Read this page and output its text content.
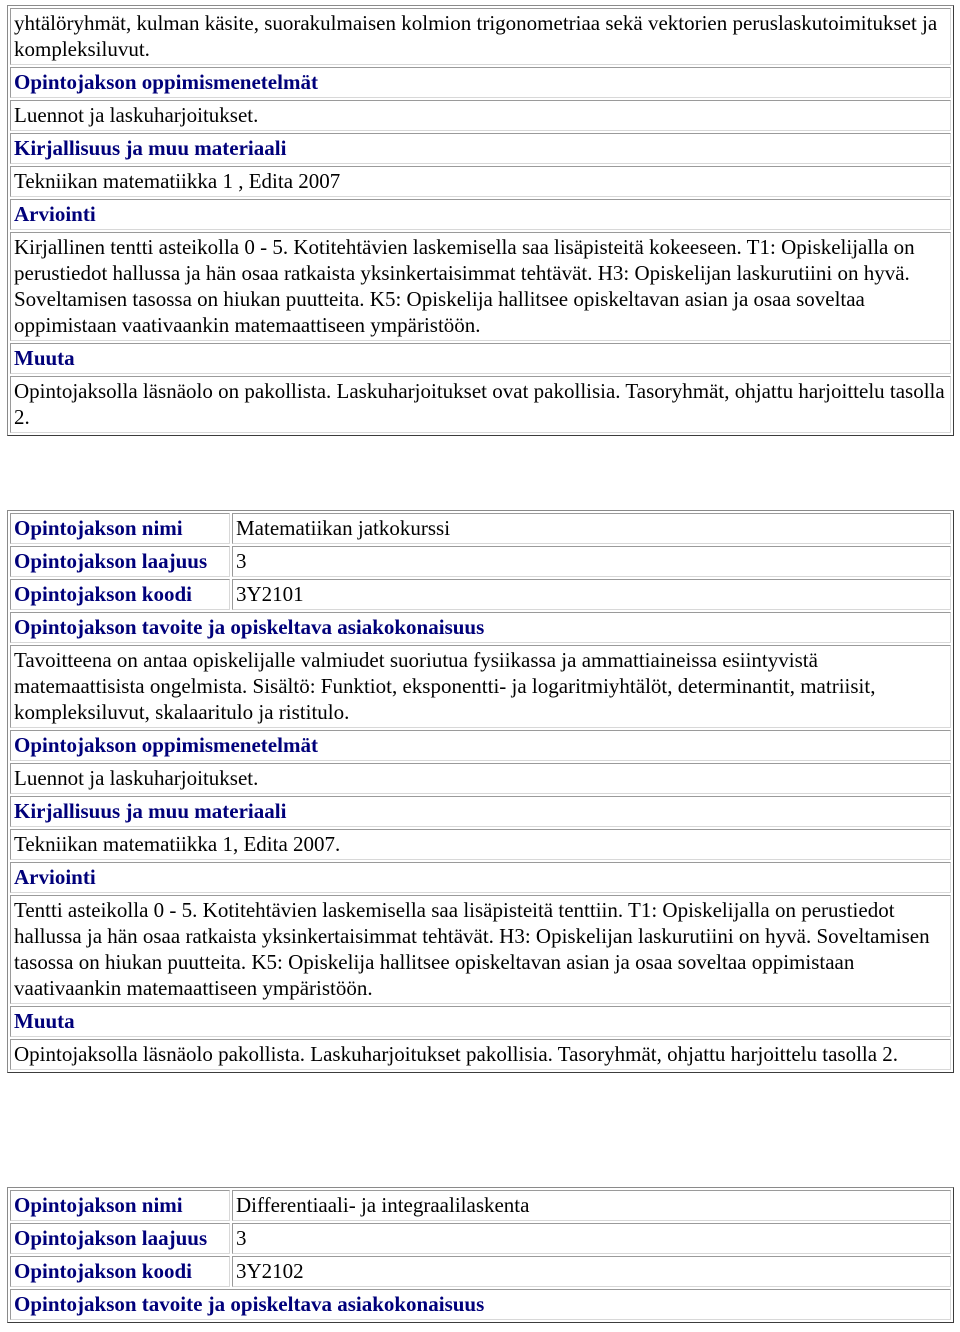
yhtälöryhmät, kulman käsite, suorakulmaisen kolmion trigonometriaa sekä vektorien peruslaskutoimitukset ja kompleksiluvut.
Opintojakson oppimismenetelmät
Luennot ja laskuharjoitukset.
Kirjallisuus ja muu materiaali
Tekniikan matematiikka 1 , Edita 2007
Arviointi
Kirjallinen tentti asteikolla 0 - 5. Kotitehtävien laskemisella saa lisäpisteitä kokeeseen. T1: Opiskelijalla on perustiedot hallussa ja hän osaa ratkaista yksinkertaisimmat tehtävät. H3: Opiskelijan laskurutiini on hyvä. Soveltamisen tasossa on hiukan puutteita. K5: Opiskelija hallitsee opiskeltavan asian ja osaa soveltaa oppimistaan vaativaankin matemaattiseen ympäristöön.
Muuta
Opintojaksolla läsnäolo on pakollista. Laskuharjoitukset ovat pakollisia. Tasoryhmät, ohjattu harjoittelu tasolla 2.
Opintojakson nimi	Matematiikan jatkokurssi
Opintojakson laajuus	3
Opintojakson koodi	3Y2101
Opintojakson tavoite ja opiskeltava asiakokonaisuus	
Tavoitteena on antaa opiskelijalle valmiudet suoriutua fysiikassa ja ammattiaineissa esiintyvistä matemaattisista ongelmista. Sisältö: Funktiot, eksponentti- ja logaritmiyhtälöt, determinantit, matriisit, kompleksiluvut, skalaaritulo ja ristitulo.	
Opintojakson oppimismenetelmät	
Luennot ja laskuharjoitukset.	
Kirjallisuus ja muu materiaali	
Tekniikan matematiikka 1, Edita 2007.	
Arviointi	
Tentti asteikolla 0 - 5. Kotitehtävien laskemisella saa lisäpisteitä tenttiin. T1: Opiskelijalla on perustiedot hallussa ja hän osaa ratkaista yksinkertaisimmat tehtävät. H3: Opiskelijan laskurutiini on hyvä. Soveltamisen tasossa on hiukan puutteita. K5: Opiskelija hallitsee opiskeltavan asian ja osaa soveltaa oppimistaan vaativaankin matemaattiseen ympäristöön.	
Muuta	
Opintojaksolla läsnäolo pakollista. Laskuharjoitukset pakollisia. Tasoryhmät, ohjattu harjoittelu tasolla 2.	
Opintojakson nimi	Differentiaali- ja integraalilaskenta
Opintojakson laajuus	3
Opintojakson koodi	3Y2102
Opintojakson tavoite ja opiskeltava asiakokonaisuus	
